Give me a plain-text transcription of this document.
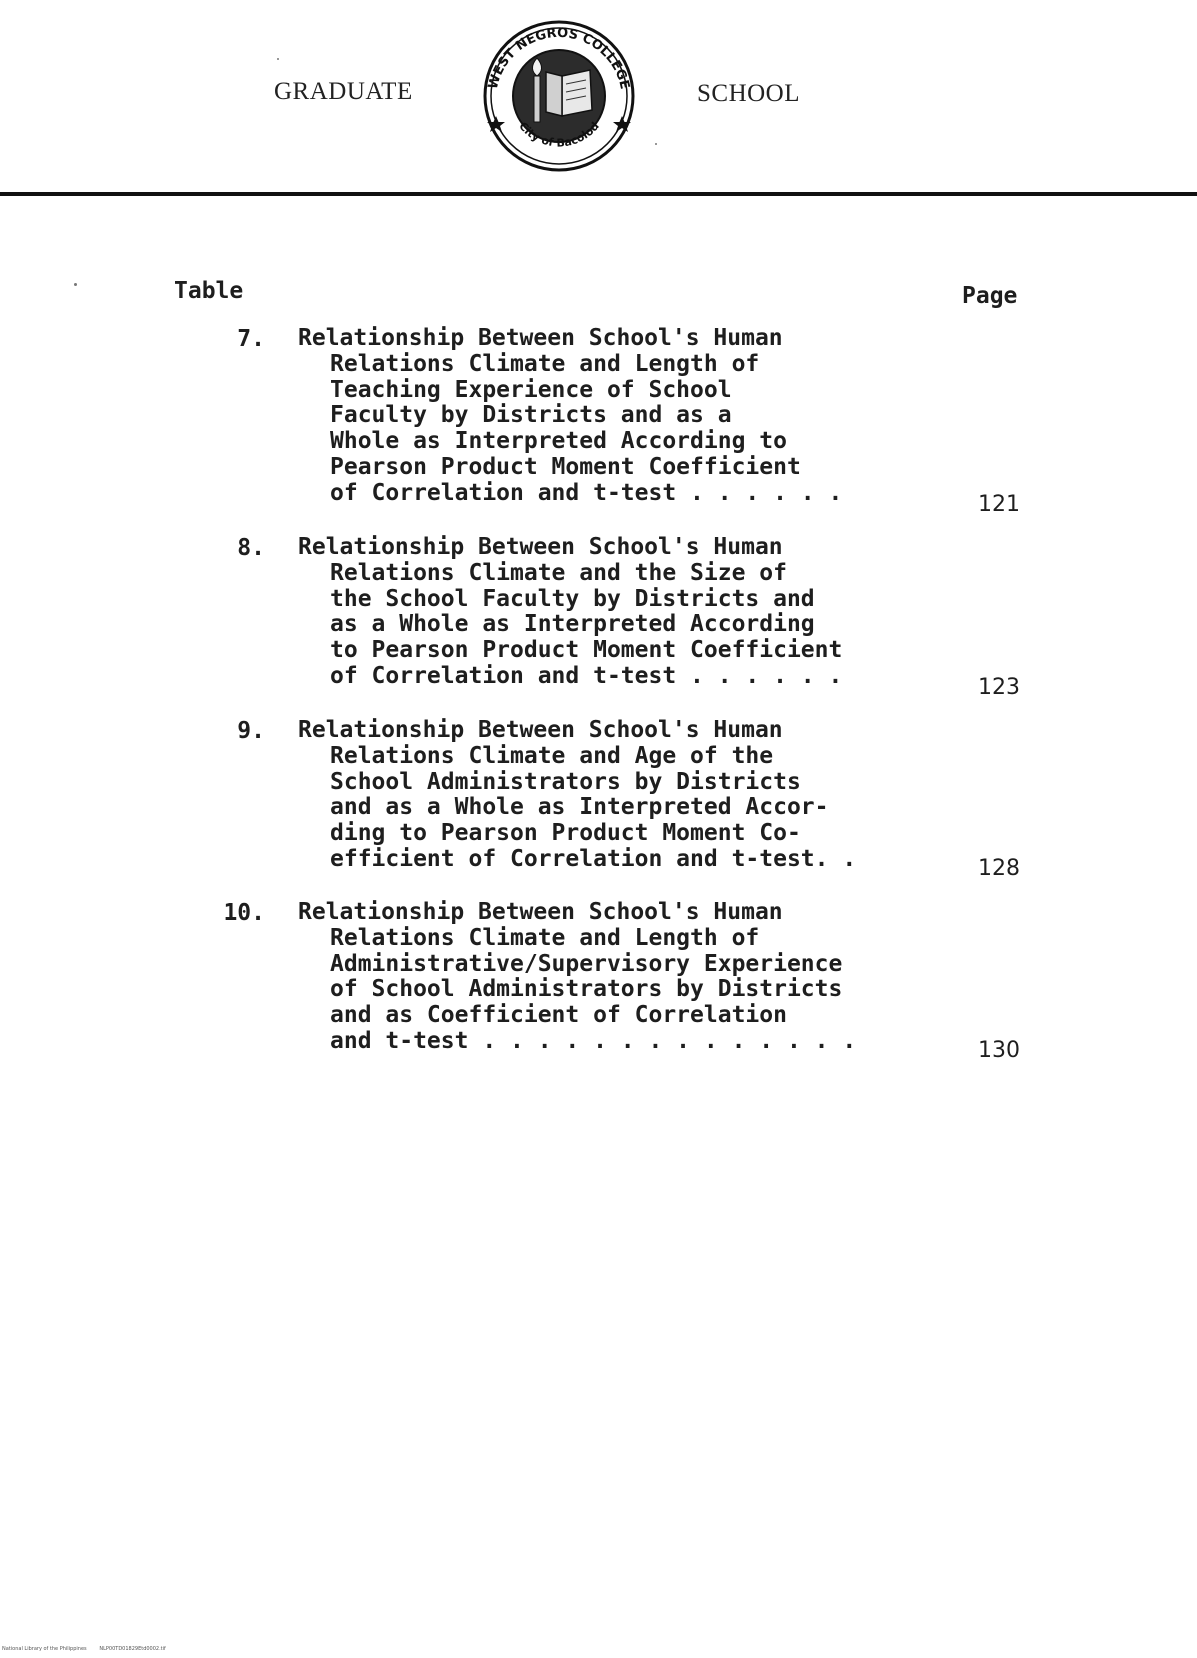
GRADUATE	WEST NEGROS COLLEGE
City of Bacolod
SCHOOL
Table	Page
7. Relationship Between School's Human
Relations Climate and Length of
Teaching Experience of School
Faculty by Districts and as a
Whole as Interpreted According to
Pearson Product Moment Coefficient
of Correlation and t-test . . . . . .	121
8. Relationship Between School's Human
Relations Climate and the Size of
the School Faculty by Districts and
as a Whole as Interpreted According
to Pearson Product Moment Coefficient
of Correlation and t-test . . . . . .	123
9. Relationship Between School's Human
Relations Climate and Age of the
School Administrators by Districts
and as a Whole as Interpreted Accor-
ding to Pearson Product Moment Co-
efficient of Correlation and t-test. .	128
10. Relationship Between School's Human
Relations Climate and Length of
Administrative/Supervisory Experience
of School Administrators by Districts
and as Coefficient of Correlation
and t-test . . . . . . . . . . . . . .	130
National Library of the Philippines	NLP00TD01829Etd0002.tif
